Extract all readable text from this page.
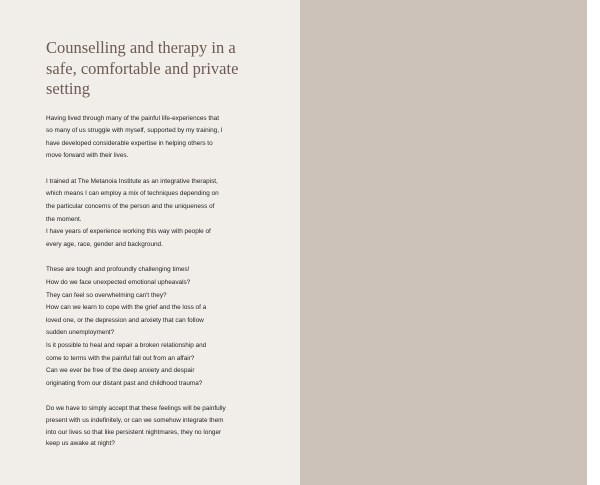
Counselling and therapy in a safe, comfortable and private setting

Having lived through many of the painful life-experiences that
so many of us struggle with myself, supported by my training, I
have developed considerable expertise in helping others to
move forward with their lives.

I trained at The Metanoia Institute as an integrative therapist,
which means I can employ a mix of techniques depending on
the particular concerns of the person and the uniqueness of
the moment.
I have years of experience working this way with people of
every age, race, gender and background.

These are tough and profoundly challenging times!
How do we face unexpected emotional upheavals?
They can feel so overwhelming can't they?
How can we learn to cope with the grief and the loss of a
loved one, or the depression and anxiety that can follow
sudden unemployment?
Is it possible to heal and repair a broken relationship and
come to terms with the painful fall out from an affair?
Can we ever be free of the deep anxiety and despair
originating from our distant past and childhood trauma?

Do we have to simply accept that these feelings will be painfully
present with us indefinitely, or can we somehow integrate them
into our lives so that like persistent nightmares, they no longer
keep us awake at night?
